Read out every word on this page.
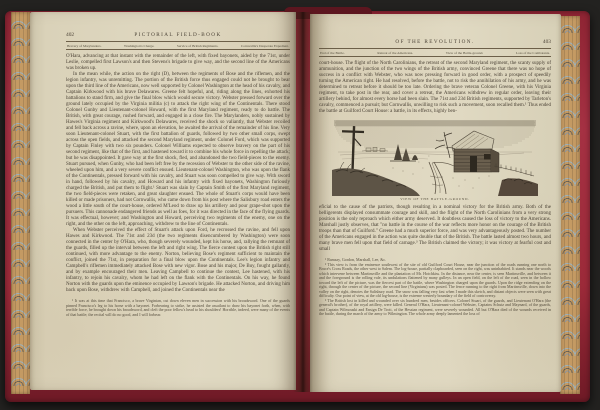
402	PICTORIAL FIELD-BOOK
Bravery of Marylanders.	Washington's Charge.	Service of British Regiments.	Cornwallis's Desperate Expedient.

O'Hara, advancing at that instant with the remainder of the left, with fixed bayonets, aided by the 71st, under Leslie, compelled first Lawson's and then Stevens's brigade to give way, and the second line of the Americans was broken up.

In the mean while, the action on the right (D), between the regiments of Bose and the riflemen, and the legion infantry, was unremitting. The portion of the British force thus engaged could not be brought to bear upon the third line of the Americans, now well supported by Colonel Washington at the head of his cavalry, and Captain Kirkwood with his brave Delawares. Greene felt hopeful, and, riding along the lines, exhorted his battalions to stand firm, and give the final blow which would secure victory. Webster pressed forward over the ground lately occupied by the Virginia militia (c) to attack the right wing of the Continentals. There stood Colonel Gunby and Lieutenant-colonel Howard, with the first Maryland regiment, ready to do battle. The British, with great courage, rushed forward, and engaged in a close fire. The Marylanders, nobly sustained by Hawes's Virginia regiment and Kirkwood's Delawares, received the shock so valiantly, that Webster recoiled and fell back across a ravine, where, upon an elevation, he awaited the arrival of the remainder of his line. Very soon Lieutenant-colonel Stuart, with the first battalion of guards, followed by two other small corps, swept across the open fields, and attacked the second Maryland regiment, under Colonel Ford, which was supported by Captain Finley with two six pounders. Colonel Williams expected to observe bravery on the part of his second regiment, like that of the first, and hastened toward it to combine his whole force in repelling the attack; but he was disappointed. It gave way at the first shock, fled, and abandoned the two field-pieces to the enemy. Stuart pursued, when Gunby, who had been left free by the recession of Webster to the other side of the ravine, wheeled upon him, and a very severe conflict ensued. Lieutenant-colonel Washington, who was upon the flank of the Continentals, pressed forward with his cavalry, and Stuart was soon compelled to give way. With sword in hand, followed by his cavalry, and Howard and his infantry with fixed bayonets, Washington furiously charged the British, and put them to flight.¹ Stuart was slain by Captain Smith of the first Maryland regiment, the two field-pieces were retaken, and great slaughter ensued. The whole of Stuart's corps would have been killed or made prisoners, had not Cornwallis, who came down from his post where the Salisbury road enters the wood a little south of the court-house, ordered M'Leod to draw up his artillery and pour grape-shot upon the pursuers. This cannonade endangered friends as well as foes, for it was directed in the face of the flying guards. It was effectual, however; and Washington and Howard, perceiving two regiments of the enemy, one on the right, and the other on the left, approaching, withdrew to the line of Continentals.

When Webster perceived the effect of Stuart's attack upon Ford, he recrossed the ravine, and fell upon Hawes and Kirkwood. The 71st and 23d (the two regiments disencumbered by Washington) were soon connected in the center by O'Hara, who, though severely wounded, kept his horse, and, rallying the remnant of the guards, filled up the interval between the left and right wing. The fierce contest upon the British right still continued, with more advantage to the enemy. Norton, believing Bose's regiment sufficient to maintain the conflict, joined the 71st, in preparation for a final blow upon the Continentals. Lee's legion infantry and Campbell's riflemen immediately attacked Bose with new vigor. Bose and his major, De Buy, fought gallantly, and by example encouraged their men. Leaving Campbell to continue the contest, Lee hastened, with his infantry, to rejoin his cavalry, whom he had left on the flank with the Continentals. On his way, he found Norton with the guards upon the eminence occupied by Lawson's brigade. He attacked Norton, and driving him back upon Bose, withdrew with Campbell, and joined the Continentals near the

¹ It was at this time that Francisco, a brave Virginian, cut down eleven men in succession with his broadsword. One of the guards pinned Francisco's leg to his horse with a bayonet. Forbearing to strike, he assisted the assailant to draw his bayonet forth, when, with terrible force, he brought down his broadsword, and cleft the poor fellow's head to his shoulders! Horrible, indeed, were many of the events of that battle; the recital will do no good, and I will forbear.

OF THE REVOLUTION.	403
End of the Battle.	Retreat of the Americans.	View of the Battle-ground.	Loss of the Combatants.

court-house. The flight of the North Carolinians, the retreat of the second Maryland regiment, the scanty supply of ammunition, and the junction of the two wings of the British army, convinced Greene that there was no hope of success in a conflict with Webster, who was now pressing forward in good order, with a prospect of speedily turning the American right. He had resolved, before the battle, not to risk the annihilation of his army, and he was determined to retreat before it should be too late. Ordering the brave veteran Colonel Greene, with his Virginia regiment, to take post in the rear, and cover a retreat, the Americans withdrew in regular order, leaving their artillery behind, for almost every horse had been slain. The 71st and 23d British regiments, supported by Tarleton's cavalry, commenced a pursuit; but Cornwallis, unwilling to risk such a movement, soon recalled them.¹ Thus ended the battle at Guilford Court House: a battle, in its effects, highly ben-

VIEW OF THE BATTLE-GROUND.

eficial to the cause of the patriots, though resulting in a nominal victory for the British army. Both of the belligerents displayed consummate courage and skill, and the flight of the North Carolinians from a very strong position is the only reproach which either army deserved. It doubtless caused the loss of victory to the Americans. Marshall justly observes, that "no battle in the course of the war reflects more honor on the courage of the British troops than that of Guilford." Greene had a much superior force, and was very advantageously posted. The number of the Americans engaged in the action was quite double that of the British. The battle lasted almost two hours, and many brave men fell upon that field of carnage.³ The British claimed the victory; it was victory at fearful cost and small

¹ Ramsay, Gordon, Marshall, Lee, &c.

² This view is from the eminence southwest of the site of old Guilford Court House, near the junction of the roads running one north to Bruce's Cross Roads, the other west to Salem. The log-house, partially clapboarded, seen on the right, was uninhabited. It stands near the woods which intervene between Martinsville and the plantation of Mr. Hotchkiss. In the distance, near the center, is seen Martinsville, and between it and the foreground is the rolling vale, its undulations flattened by many gulleys. In an open field, on the left of the road, seen in the hollow toward the left of the picture, was the fiercest part of the battle, where Washington charged upon the guards. Upon the ridge extending on the right, through the center of the picture, the second line (Virginians) was posted. The fence running to the right from Martinsville, down into the valley on the right, denotes the Salisbury road. The snow was falling very fast when I made this sketch, and distant objects were seen with great difficulty. Our point of view, at the old log-house, is the extreme westerly boundary of the field of controversy.

³ The British lost in killed and wounded over six hundred men, besides officers. Colonel Stuart, of the guards, and Lieutenant O'Hara (the general's brother), of the royal artillery, were killed. General O'Hara, Lieutenant-colonel Webster, Captains Schutz and Maynard, of the guards, and Captain Wilmouski and Ensign De Trott, of the Hessian regiment, were severely wounded. All but O'Hara died of the wounds received in the battle, during the march of the army to Wilmington. The whole army deeply lamented the loss of
